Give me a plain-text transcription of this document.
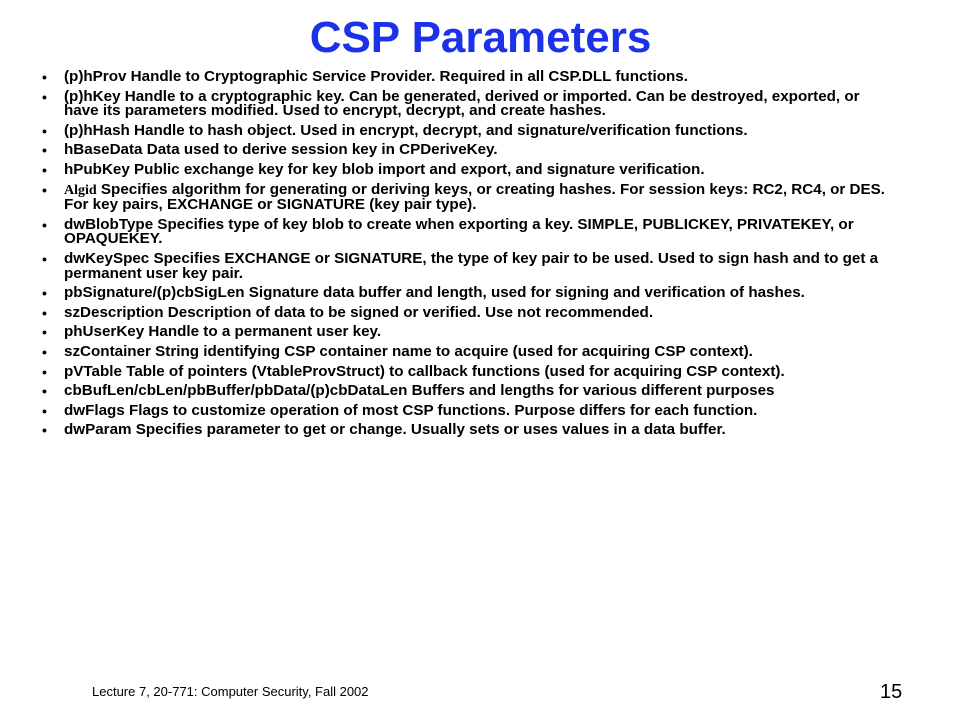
CSP Parameters
• (p)hProv Handle to Cryptographic Service Provider. Required in all CSP.DLL functions.
• (p)hKey Handle to a cryptographic key. Can be generated, derived or imported. Can be destroyed, exported, or have its parameters modified. Used to encrypt, decrypt, and create hashes.
• (p)hHash Handle to hash object. Used in encrypt, decrypt, and signature/verification functions.
• hBaseData Data used to derive session key in CPDeriveKey.
• hPubKey Public exchange key for key blob import and export, and signature verification.
• Algid Specifies algorithm for generating or deriving keys, or creating hashes. For session keys: RC2, RC4, or DES. For key pairs, EXCHANGE or SIGNATURE (key pair type).
• dwBlobType Specifies type of key blob to create when exporting a key. SIMPLE, PUBLICKEY, PRIVATEKEY, or OPAQUEKEY.
• dwKeySpec Specifies EXCHANGE or SIGNATURE, the type of key pair to be used. Used to sign hash and to get a permanent user key pair.
• pbSignature/(p)cbSigLen Signature data buffer and length, used for signing and verification of hashes.
• szDescription Description of data to be signed or verified. Use not recommended.
• phUserKey Handle to a permanent user key.
• szContainer String identifying CSP container name to acquire (used for acquiring CSP context).
• pVTable Table of pointers (VtableProvStruct) to callback functions (used for acquiring CSP context).
• cbBufLen/cbLen/pbBuffer/pbData/(p)cbDataLen Buffers and lengths for various different purposes
• dwFlags Flags to customize operation of most CSP functions. Purpose differs for each function.
• dwParam Specifies parameter to get or change. Usually sets or uses values in a data buffer.
Lecture 7, 20-771: Computer Security, Fall 2002	15
